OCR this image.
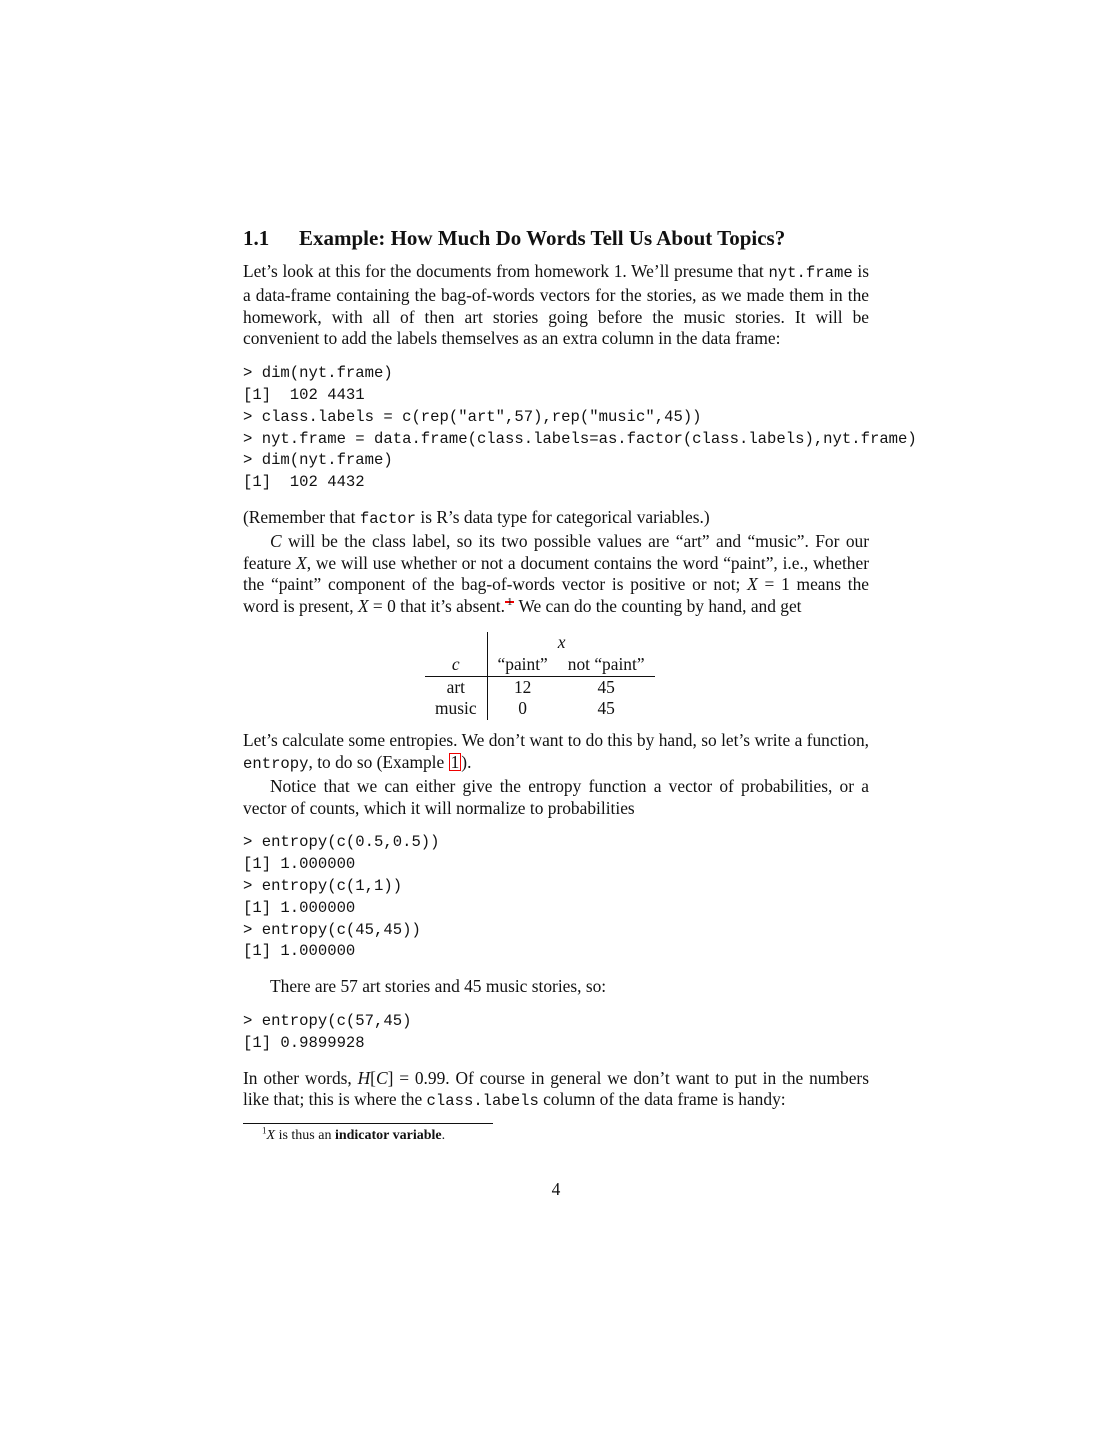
1.1	Example: How Much Do Words Tell Us About Topics?
Let’s look at this for the documents from homework 1. We’ll presume that nyt.frame is a data-frame containing the bag-of-words vectors for the stories, as we made them in the homework, with all of then art stories going before the music stories. It will be convenient to add the labels themselves as an extra column in the data frame:
> dim(nyt.frame)
[1]  102 4431
> class.labels = c(rep("art",57),rep("music",45))
> nyt.frame = data.frame(class.labels=as.factor(class.labels),nyt.frame)
> dim(nyt.frame)
[1]  102 4432
(Remember that factor is R’s data type for categorical variables.)
C will be the class label, so its two possible values are “art” and “music”. For our feature X, we will use whether or not a document contains the word “paint”, i.e., whether the “paint” component of the bag-of-words vector is positive or not; X = 1 means the word is present, X = 0 that it’s absent. 1 We can do the counting by hand, and get
		x
c	“paint”	not “paint”
art	12	45
music	0	45
Let’s calculate some entropies. We don’t want to do this by hand, so let’s write a function, entropy, to do so (Example 1 ).
Notice that we can either give the entropy function a vector of probabilities, or a vector of counts, which it will normalize to probabilities
> entropy(c(0.5,0.5))
[1] 1.000000
> entropy(c(1,1))
[1] 1.000000
> entropy(c(45,45))
[1] 1.000000
There are 57 art stories and 45 music stories, so:
> entropy(c(57,45)
[1] 0.9899928
In other words, H[C] = 0.99. Of course in general we don’t want to put in the numbers like that; this is where the class.labels column of the data frame is handy:
$^1$X is thus an indicator variable.
4
